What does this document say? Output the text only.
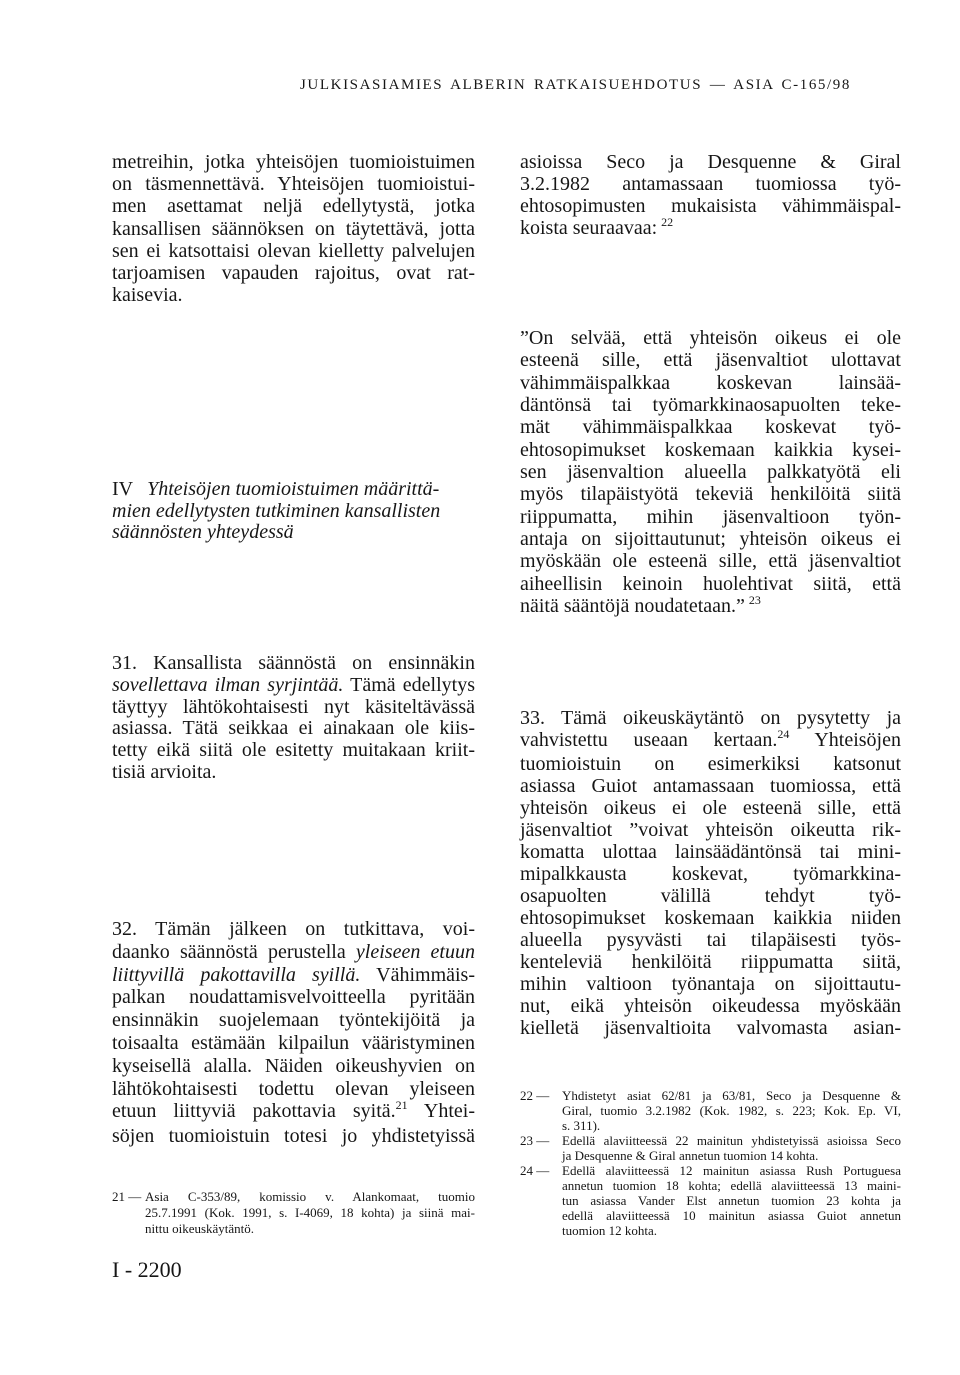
JULKISASIAMIES ALBERIN RATKAISUEHDOTUS — ASIA C-165/98
metreihin, jotka yhteisöjen tuomioistuimen
on täsmennettävä. Yhteisöjen tuomioistui-
men asettamat neljä edellytystä, jotka
kansallisen säännöksen on täytettävä, jotta
sen ei katsottaisi olevan kielletty palvelujen
tarjoamisen vapauden rajoitus, ovat rat-
kaisevia.
IV Yhteisöjen tuomioistuimen määrittä-
mien edellytysten tutkiminen kansallisten
säännösten yhteydessä
31. Kansallista säännöstä on ensinnäkin
sovellettava ilman syrjintää. Tämä edellytys
täyttyy lähtökohtaisesti nyt käsiteltävässä
asiassa. Tätä seikkaa ei ainakaan ole kiis-
tetty eikä siitä ole esitetty muitakaan kriit-
tisiä arvioita.
32. Tämän jälkeen on tutkittava, voi-
daanko säännöstä perustella yleiseen etuun
liittyvillä pakottavilla syillä. Vähimmäis-
palkan noudattamisvelvoitteella pyritään
ensinnäkin suojelemaan työntekijöitä ja
toisaalta estämään kilpailun vääristyminen
kyseisellä alalla. Näiden oikeushyvien on
lähtökohtaisesti todettu olevan yleiseen
etuun liittyviä pakottavia syitä.$^{21}$ Yhtei-
söjen tuomioistuin totesi jo yhdistetyissä
21 — Asia C-353/89, komissio v. Alankomaat, tuomio
25.7.1991 (Kok. 1991, s. I-4069, 18 kohta) ja siinä mai-
nittu oikeuskäytäntö.
I - 2200
asioissa Seco ja Desquenne & Giral
3.2.1982 antamassaan tuomiossa työ-
ehtosopimusten mukaisista vähimmäispal-
koista seuraavaa: $^{22}$
”On selvää, että yhteisön oikeus ei ole
esteenä sille, että jäsenvaltiot ulottavat
vähimmäispalkkaa koskevan lainsää-
däntönsä tai työmarkkinaosapuolten teke-
mät vähimmäispalkkaa koskevat työ-
ehtosopimukset koskemaan kaikkia kysei-
sen jäsenvaltion alueella palkkatyötä eli
myös tilapäistyötä tekeviä henkilöitä siitä
riippumatta, mihin jäsenvaltioon työn-
antaja on sijoittautunut; yhteisön oikeus ei
myöskään ole esteenä sille, että jäsenvaltiot
aiheellisin keinoin huolehtivat siitä, että
näitä sääntöjä noudatetaan.” $^{23}$
33. Tämä oikeuskäytäntö on pysytetty ja
vahvistettu useaan kertaan.$^{24}$ Yhteisöjen
tuomioistuin on esimerkiksi katsonut
asiassa Guiot antamassaan tuomiossa, että
yhteisön oikeus ei ole esteenä sille, että
jäsenvaltiot ”voivat yhteisön oikeutta rik-
komatta ulottaa lainsäädäntönsä tai mini-
mipalkkausta koskevat, työmarkkina-
osapuolten välillä tehdyt työ-
ehtosopimukset koskemaan kaikkia niiden
alueella pysyvästi tai tilapäisesti työs-
kenteleviä henkilöitä riippumatta siitä,
mihin valtioon työnantaja on sijoittautu-
nut, eikä yhteisön oikeudessa myöskään
kielletä jäsenvaltioita valvomasta asian-
22 — Yhdistetyt asiat 62/81 ja 63/81, Seco ja Desquenne &
Giral, tuomio 3.2.1982 (Kok. 1982, s. 223; Kok. Ep. VI,
s. 311).
23 — Edellä alaviitteessä 22 mainitun yhdistetyissä asioissa Seco
ja Desquenne & Giral annetun tuomion 14 kohta.
24 — Edellä alaviitteessä 12 mainitun asiassa Rush Portuguesa
annetun tuomion 18 kohta; edellä alaviitteessä 13 maini-
tun asiassa Vander Elst annetun tuomion 23 kohta ja
edellä alaviitteessä 10 mainitun asiassa Guiot annetun
tuomion 12 kohta.
